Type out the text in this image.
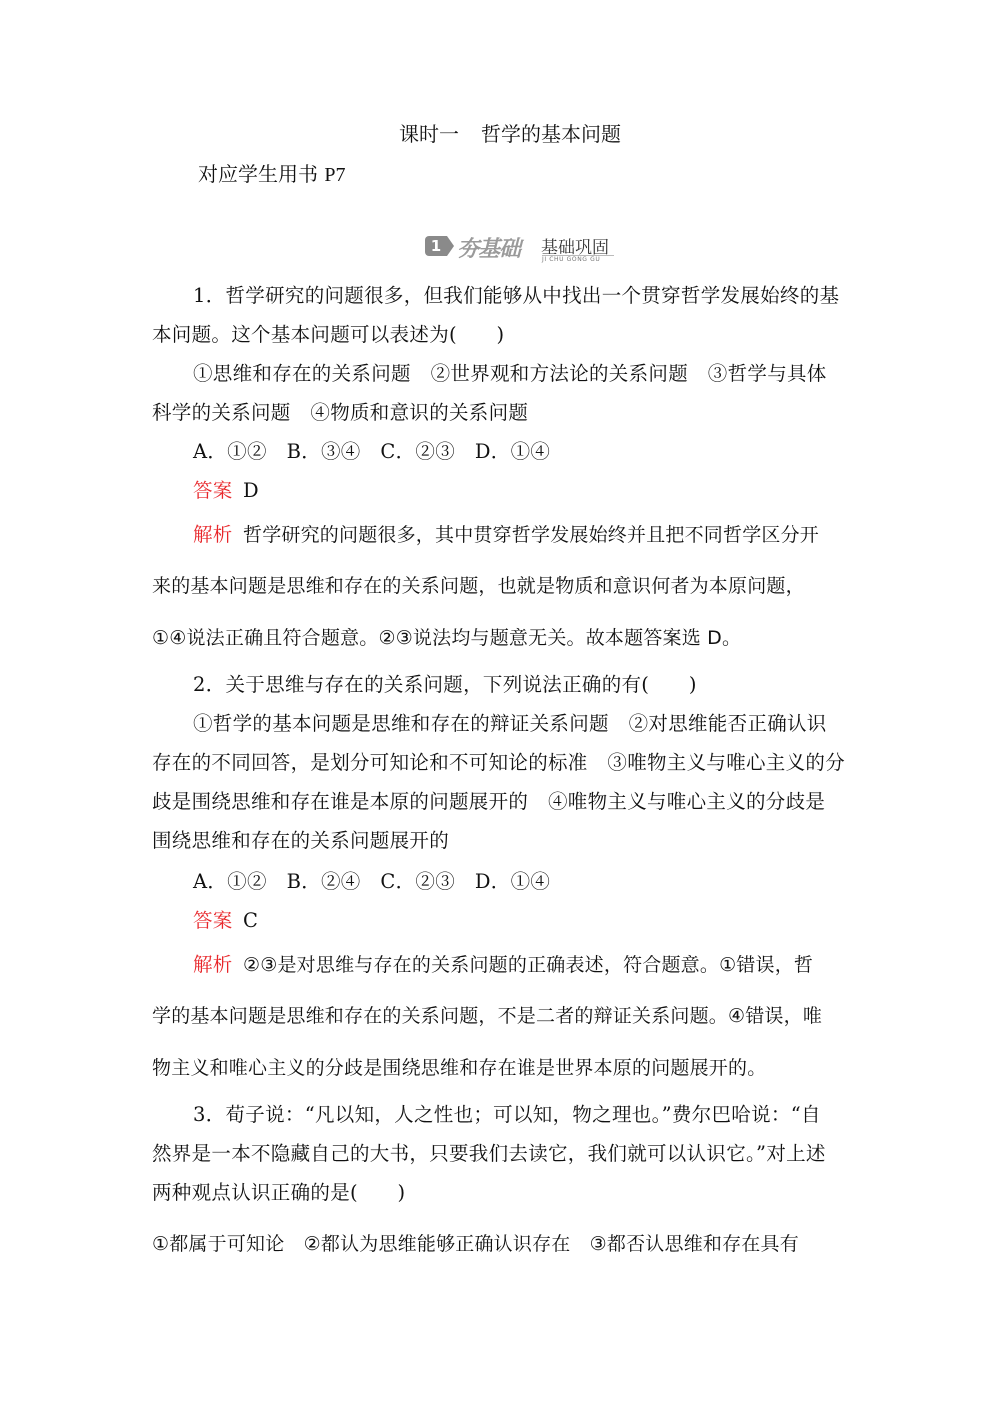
课时一 哲学的基本问题
对应学生用书 P7
1 夯基础 基础巩固
JI CHU GONG GU
1．哲学研究的问题很多，但我们能够从中找出一个贯穿哲学发展始终的基
本问题。这个基本问题可以表述为(　　)
①思维和存在的关系问题　②世界观和方法论的关系问题　③哲学与具体
科学的关系问题　④物质和意识的关系问题
A．①②　B．③④　C．②③　D．①④
答案 D
解析 哲学研究的问题很多，其中贯穿哲学发展始终并且把不同哲学区分开
来的基本问题是思维和存在的关系问题，也就是物质和意识何者为本原问题，
①④说法正确且符合题意。②③说法均与题意无关。故本题答案选 D。
2．关于思维与存在的关系问题，下列说法正确的有(　　)
①哲学的基本问题是思维和存在的辩证关系问题　②对思维能否正确认识
存在的不同回答，是划分可知论和不可知论的标准　③唯物主义与唯心主义的分
歧是围绕思维和存在谁是本原的问题展开的　④唯物主义与唯心主义的分歧是
围绕思维和存在的关系问题展开的
A．①②　B．②④　C．②③　D．①④
答案 C
解析 ②③是对思维与存在的关系问题的正确表述，符合题意。①错误，哲
学的基本问题是思维和存在的关系问题，不是二者的辩证关系问题。④错误，唯
物主义和唯心主义的分歧是围绕思维和存在谁是世界本原的问题展开的。
3．荀子说：“凡以知，人之性也；可以知，物之理也。”费尔巴哈说：“自
然界是一本不隐藏自己的大书，只要我们去读它，我们就可以认识它。”对上述
两种观点认识正确的是(　　)
①都属于可知论　②都认为思维能够正确认识存在　③都否认思维和存在具有
